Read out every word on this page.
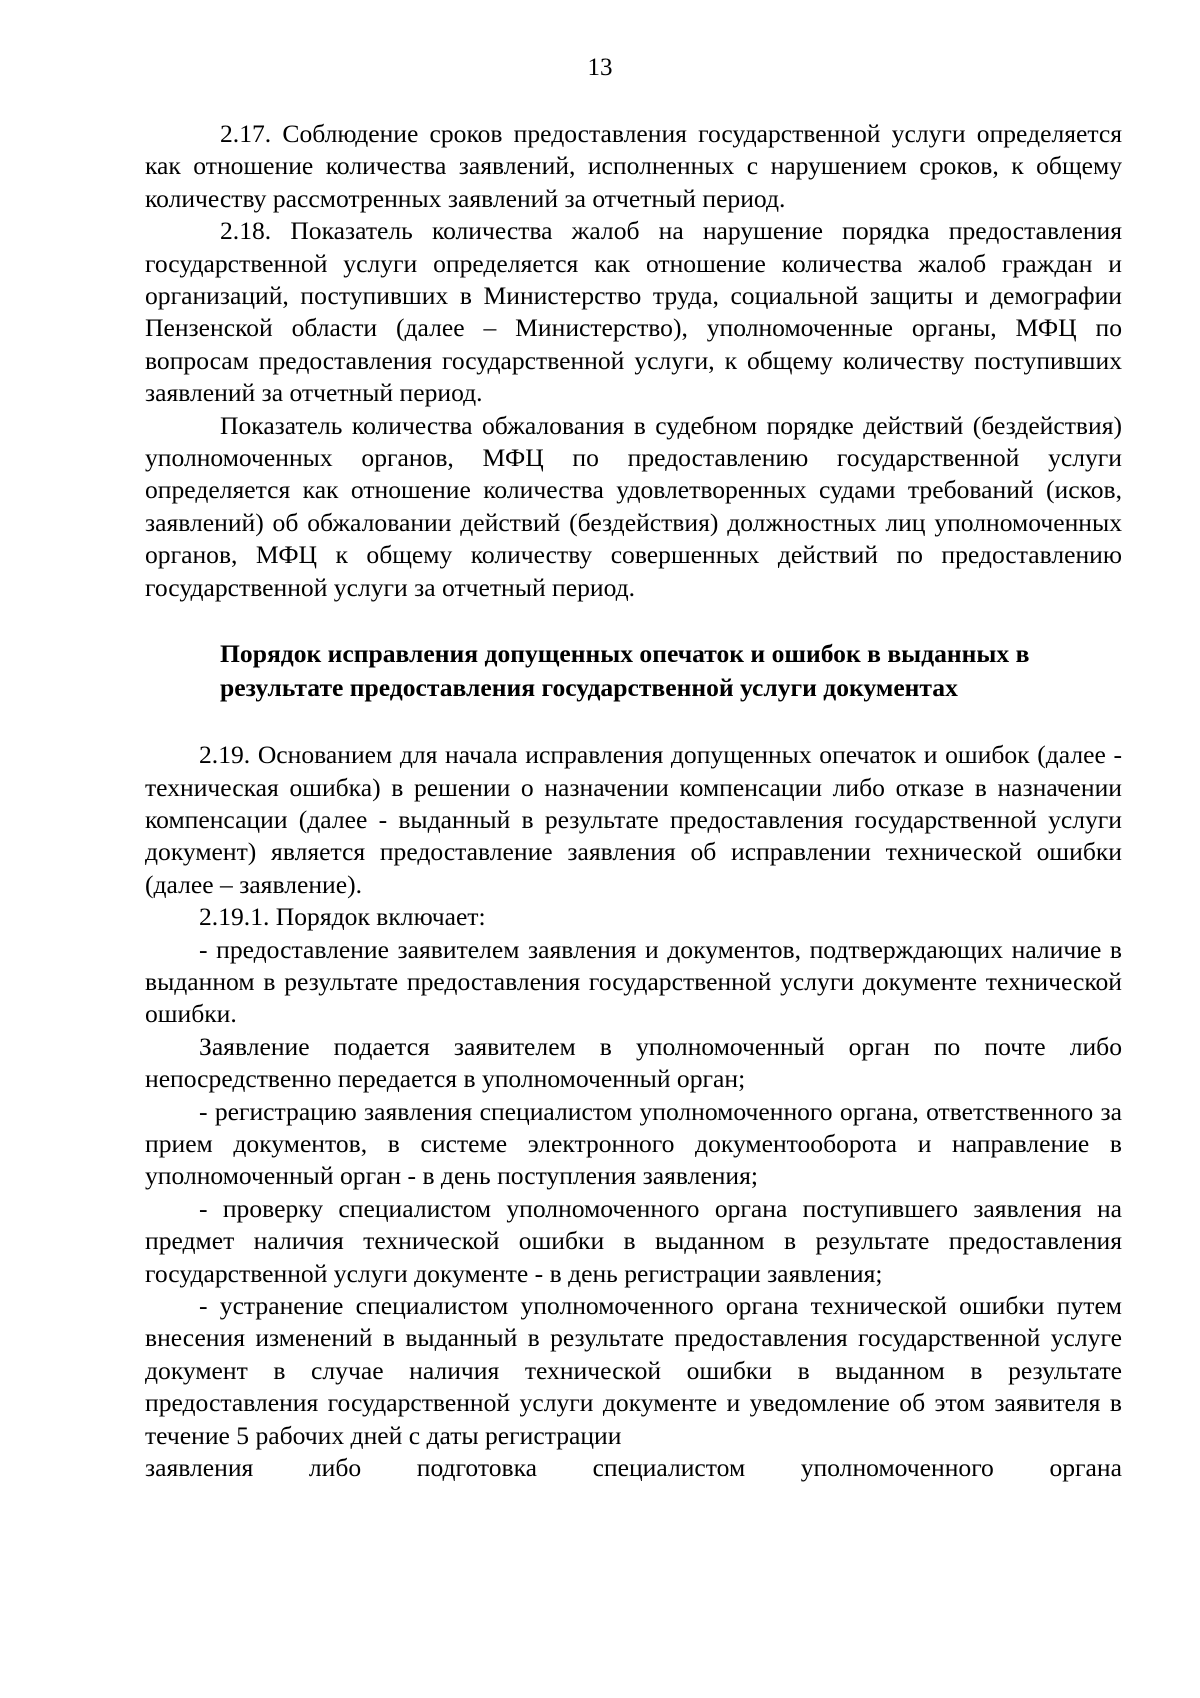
13

2.17. Соблюдение сроков предоставления государственной услуги определяется как отношение количества заявлений, исполненных с нарушением сроков, к общему количеству рассмотренных заявлений за отчетный период.

2.18. Показатель количества жалоб на нарушение порядка предоставления государственной услуги определяется как отношение количества жалоб граждан и организаций, поступивших в Министерство труда, социальной защиты и демографии Пензенской области (далее – Министерство), уполномоченные органы, МФЦ по вопросам предоставления государственной услуги, к общему количеству поступивших заявлений за отчетный период.

Показатель количества обжалования в судебном порядке действий (бездействия) уполномоченных органов, МФЦ по предоставлению государственной услуги определяется как отношение количества удовлетворенных судами требований (исков, заявлений) об обжаловании действий (бездействия) должностных лиц уполномоченных органов, МФЦ к общему количеству совершенных действий по предоставлению государственной услуги за отчетный период.

Порядок исправления допущенных опечаток и ошибок в выданных в
результате предоставления государственной услуги документах

2.19. Основанием для начала исправления допущенных опечаток и ошибок (далее - техническая ошибка) в решении о назначении компенсации либо отказе в назначении компенсации (далее - выданный в результате предоставления государственной услуги документ) является предоставление заявления об исправлении технической ошибки (далее – заявление).

2.19.1. Порядок включает:

- предоставление заявителем заявления и документов, подтверждающих наличие в выданном в результате предоставления государственной услуги документе технической ошибки.

Заявление подается заявителем в уполномоченный орган по почте либо непосредственно передается в уполномоченный орган;

- регистрацию заявления специалистом уполномоченного органа, ответственного за прием документов, в системе электронного документооборота и направление в уполномоченный орган - в день поступления заявления;

- проверку специалистом уполномоченного органа поступившего заявления на предмет наличия технической ошибки в выданном в результате предоставления государственной услуги документе - в день регистрации заявления;

- устранение специалистом уполномоченного органа технической ошибки путем внесения изменений в выданный в результате предоставления государственной услуге документ в случае наличия технической ошибки в выданном в результате предоставления государственной услуги документе и уведомление об этом заявителя в течение 5 рабочих дней с даты регистрации

заявления либо подготовка специалистом уполномоченного органа
